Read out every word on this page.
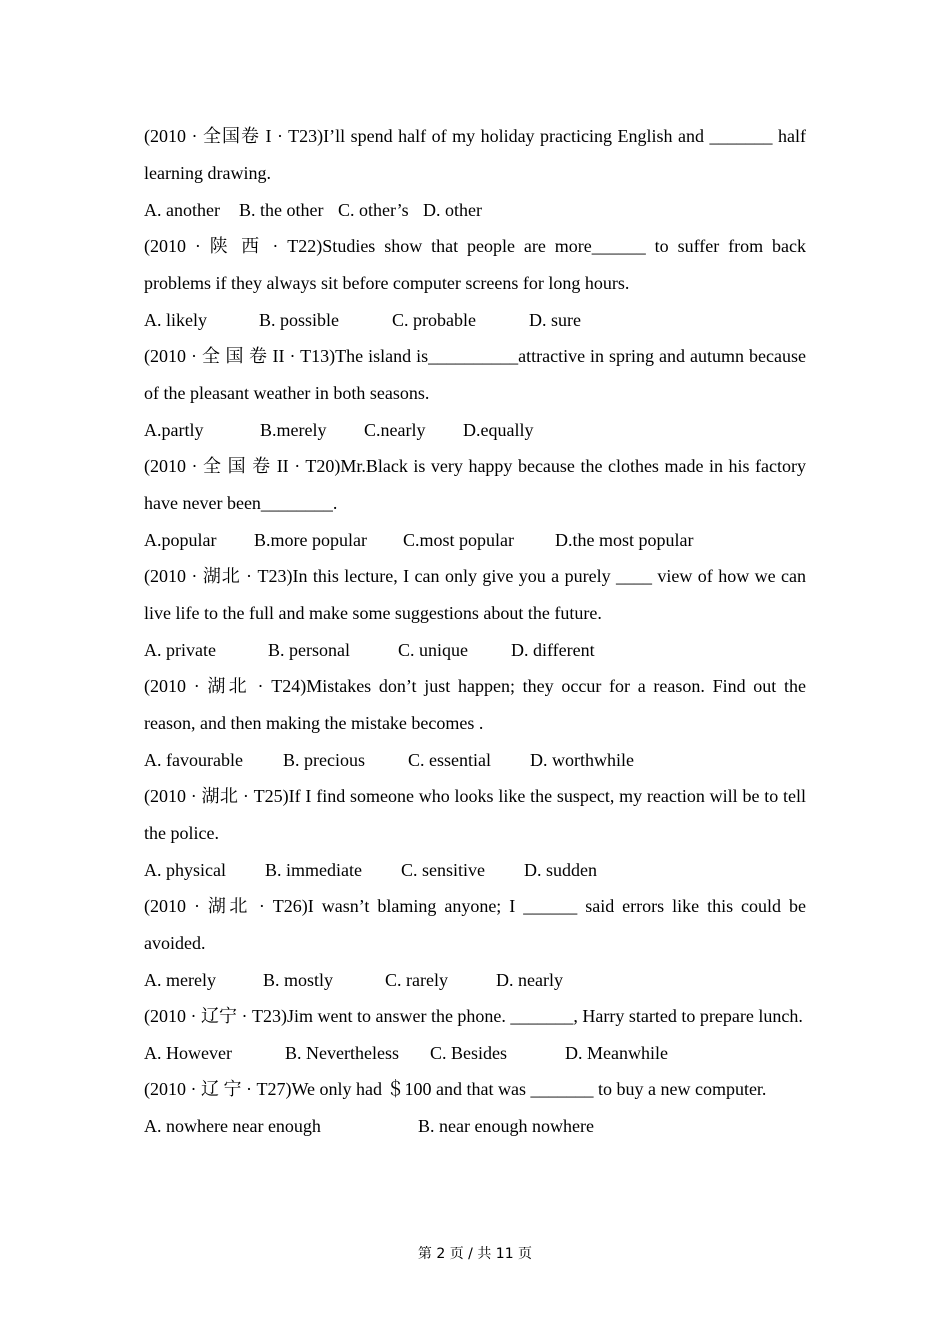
(2010 · 全国卷 I · T23)I’ll spend half of my holiday practicing English and _______ half learning drawing.

A. another B. the other C. other’s D. other

(2010 · 陕 西 · T22)Studies show that people are more______ to suffer from back problems if they always sit before computer screens for long hours.

A. likely	B. possible	C. probable	D. sure

(2010 · 全 国 卷 II · T13)The island is__________attractive in spring and autumn because of the pleasant weather in both seasons.

A.partly	B.merely C.nearly D.equally

(2010 · 全 国 卷 II · T20)Mr.Black is very happy because the clothes made in his factory have never been________.

A.popular B.more popular C.most popular D.the most popular

(2010 · 湖北 · T23)In this lecture, I can only give you a purely ____ view of how we can live life to the full and make some suggestions about the future.

A. private	B. personal	C. unique D. different

(2010 · 湖北 · T24)Mistakes don’t just happen; they occur for a reason. Find out the reason, and then making the mistake becomes .

A. favourable B. precious C. essential D. worthwhile

(2010 · 湖北 · T25)If I find someone who looks like the suspect, my reaction will be to tell the police.

A. physical B. immediate C. sensitive D. sudden

(2010 · 湖北 · T26)I wasn’t blaming anyone; I ______ said errors like this could be avoided.

A. merely	B. mostly	C. rarely	D. nearly

(2010 · 辽宁 · T23)Jim went to answer the phone. _______, Harry started to prepare lunch.

A. However	B. Nevertheless C. Besides	D. Meanwhile

(2010 · 辽 宁 · T27)We only had ＄100 and that was _______ to buy a new computer.

A. nowhere near enough	B. near enough nowhere
第 2 页 / 共 11 页
